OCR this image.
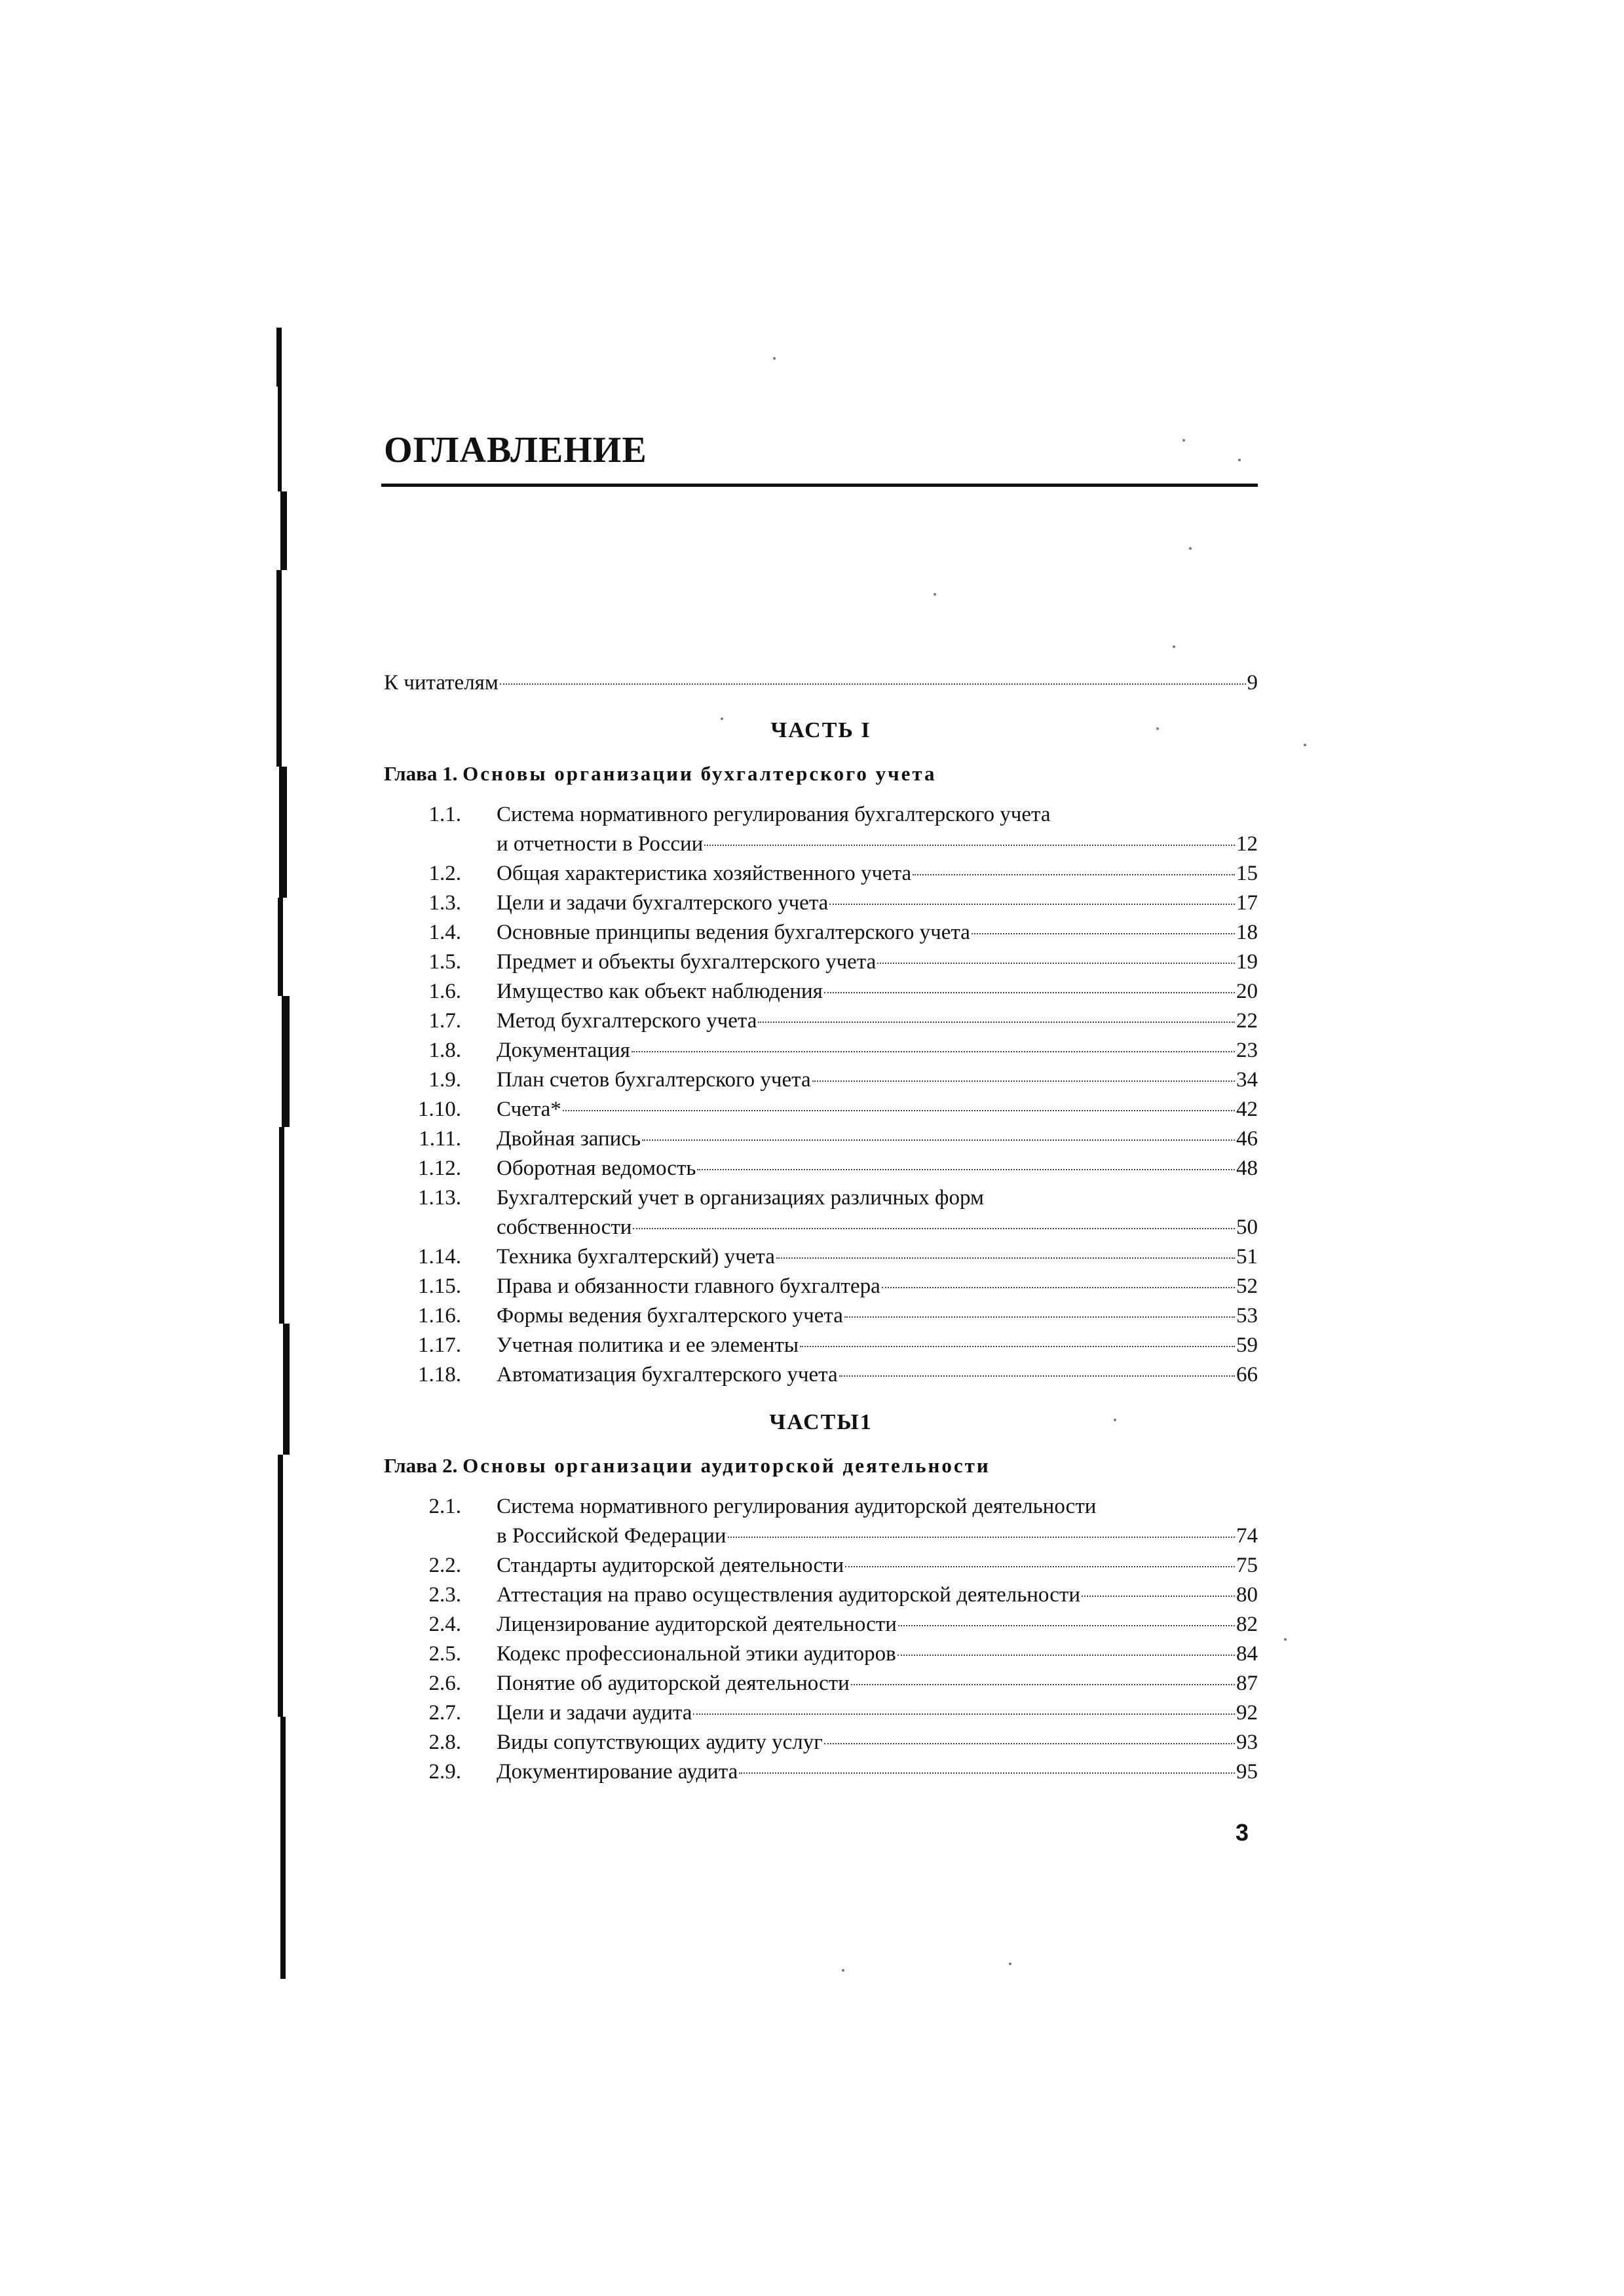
ОГЛАВЛЕНИЕ
К читателям	9
ЧАСТЬ I
Глава 1. Основы организации бухгалтерского учета
1.1. Система нормативного регулирования бухгалтерского учета
и отчетности в России	12
1.2. Общая характеристика хозяйственного учета	15
1.3. Цели и задачи бухгалтерского учета	17
1.4. Основные принципы ведения бухгалтерского учета	18
1.5. Предмет и объекты бухгалтерского учета	19
1.6. Имущество как объект наблюдения	20
1.7. Метод бухгалтерского учета	22
1.8. Документация	23
1.9. План счетов бухгалтерского учета	34
1.10. Счета*	42
1.11. Двойная запись	46
1.12. Оборотная ведомость	48
1.13. Бухгалтерский учет в организациях различных форм
собственности	50
1.14. Техника бухгалтерский) учета	51
1.15. Права и обязанности главного бухгалтера	52
1.16. Формы ведения бухгалтерского учета	53
1.17. Учетная политика и ее элементы	59
1.18. Автоматизация бухгалтерского учета	66
ЧАСТЫ1
Глава 2. Основы организации аудиторской деятельности
2.1. Система нормативного регулирования аудиторской деятельности
в Российской Федерации	74
2.2. Стандарты аудиторской деятельности	75
2.3. Аттестация на право осуществления аудиторской деятельности	80
2.4. Лицензирование аудиторской деятельности	82
2.5. Кодекс профессиональной этики аудиторов	84
2.6. Понятие об аудиторской деятельности	87
2.7. Цели и задачи аудита	92
2.8. Виды сопутствующих аудиту услуг	93
2.9. Документирование аудита	95
3
